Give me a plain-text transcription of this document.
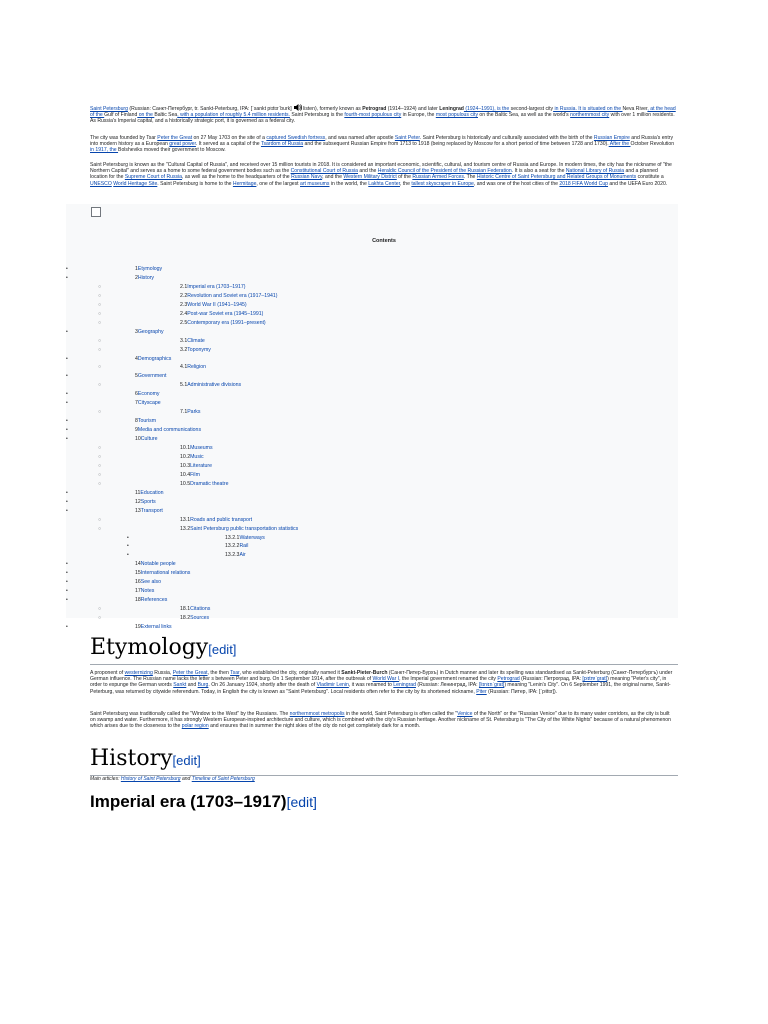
Saint Petersburg (Russian: Санкт-Петербург, tr. Sankt-Peterburg, IPA: [ˈsankt pʲɪtʲɪrˈburk] listen), formerly known as Petrograd (1914–1924) and later Leningrad (1924–1991), is the second-largest city in Russia. It is situated on the Neva River, at the head of the Gulf of Finland on the Baltic Sea, with a population of roughly 5.4 million residents. Saint Petersburg is the fourth-most populous city in Europe, the most populous city on the Baltic Sea, as well as the world's northernmost city with over 1 million residents. As Russia's Imperial capital, and a historically strategic port, it is governed as a federal city.
The city was founded by Tsar Peter the Great on 27 May 1703 on the site of a captured Swedish fortress, and was named after apostle Saint Peter. Saint Petersburg is historically and culturally associated with the birth of the Russian Empire and Russia's entry into modern history as a European great power. It served as a capital of the Tsardom of Russia and the subsequent Russian Empire from 1713 to 1918 (being replaced by Moscow for a short period of time between 1728 and 1730). After the October Revolution in 1917, the Bolsheviks moved their government to Moscow.
Saint Petersburg is known as the "Cultural Capital of Russia", and received over 15 million tourists in 2018. It is considered an important economic, scientific, cultural, and tourism centre of Russia and Europe. In modern times, the city has the nickname of "the Northern Capital" and serves as a home to some federal government bodies such as the Constitutional Court of Russia and the Heraldic Council of the President of the Russian Federation. It is also a seat for the National Library of Russia and a planned location for the Supreme Court of Russia, as well as the home to the headquarters of the Russian Navy, and the Western Military District of the Russian Armed Forces. The Historic Centre of Saint Petersburg and Related Groups of Monuments constitute a UNESCO World Heritage Site. Saint Petersburg is home to the Hermitage, one of the largest art museums in the world, the Lakhta Center, the tallest skyscraper in Europe, and was one of the host cities of the 2018 FIFA World Cup and the UEFA Euro 2020.
Contents
•	1Etymology
•	2History
○	2.1Imperial era (1703–1917)
○	2.2Revolution and Soviet era (1917–1941)
○	2.3World War II (1941–1945)
○	2.4Post-war Soviet era (1945–1991)
○	2.5Contemporary era (1991–present)
•	3Geography
○	3.1Climate
○	3.2Toponymy
•	4Demographics
○	4.1Religion
•	5Government
○	5.1Administrative divisions
•	6Economy
•	7Cityscape
○	7.1Parks
•	8Tourism
•	9Media and communications
•	10Culture
○	10.1Museums
○	10.2Music
○	10.3Literature
○	10.4Film
○	10.5Dramatic theatre
•	11Education
•	12Sports
•	13Transport
○	13.1Roads and public transport
○	13.2Saint Petersburg public transportation statistics
•	13.2.1Waterways
•	13.2.2Rail
•	13.2.3Air
•	14Notable people
•	15International relations
•	16See also
•	17Notes
•	18References
○	18.1Citations
○	18.2Sources
•	19External links
Etymology[edit]
A proponent of westernizing Russia, Peter the Great, the then Tsar, who established the city, originally named it Sankt-Pieter-Burch (Санкт-Питер-Бурхъ) in Dutch manner and later its spelling was standardised as Sankt-Peterburg (Санкт-Петербургъ) under German influence. The Russian name lacks the letter s between Peter and burg. On 1 September 1914, after the outbreak of World War I, the Imperial government renamed the city Petrograd (Russian: Петроград, IPA: [pʲɪtrɐˈgrat]) meaning "Peter's city", in order to expunge the German words Sankt and Burg. On 26 January 1924, shortly after the death of Vladimir Lenin, it was renamed to Leningrad (Russian: Ленинград, IPA: [lʲɪnʲɪnˈgrat]) meaning "Lenin's City". On 6 September 1991, the original name, Sankt-Peterburg, was returned by citywide referendum. Today, in English the city is known as "Saint Petersburg". Local residents often refer to the city by its shortened nickname, Piter (Russian: Питер, IPA: [ˈpʲitʲɪr]).
Saint Petersburg was traditionally called the "Window to the West" by the Russians. The northernmost metropolis in the world, Saint Petersburg is often called the "Venice of the North" or the "Russian Venice" due to its many water corridors, as the city is built on swamp and water. Furthermore, it has strongly Western European-inspired architecture and culture, which is combined with the city's Russian heritage. Another nickname of St. Petersburg is "The City of the White Nights" because of a natural phenomenon which arises due to the closeness to the polar region and ensures that in summer the night skies of the city do not get completely dark for a month.
History[edit]
Main articles: History of Saint Petersburg and Timeline of Saint Petersburg
Imperial era (1703–1917)[edit]
